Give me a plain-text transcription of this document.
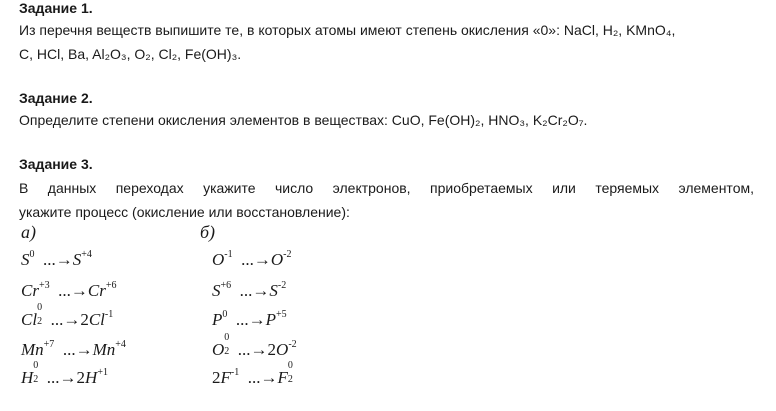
Задание 1.
Из перечня веществ выпишите те, в которых атомы имеют степень окисления «0»: NaCl, H₂, KMnO₄,
C, HCl, Ba, Al₂O₃, O₂, Cl₂, Fe(OH)₃.
Задание 2.
Определите степени окисления элементов в веществах: CuO, Fe(OH)₂, HNO₃, K₂Cr₂O₇.
Задание 3.
В данных переходах укажите число электронов, приобретаемых или теряемых элементом,
укажите процесс (окисление или восстановление):
а)	б)
$S^0$  $...\to S^{+4}$
$Cr^{+3}$  $...\to Cr^{+6}$
Cl 
0
2 $...\to 2Cl^{-1}$
$Mn^{+7}$  $...\to Mn^{+4}$
H 
0
2 $...\to 2H^{+1}$
$O^{-1}$  $...\to O^{-2}$
$S^{+6}$  $...\to S^{-2}$
$P^0$  $...\to P^{+5}$
O 
0
2 $...\to 2O^{-2}$
$2F^{-1}$  ...→F 
0
2
